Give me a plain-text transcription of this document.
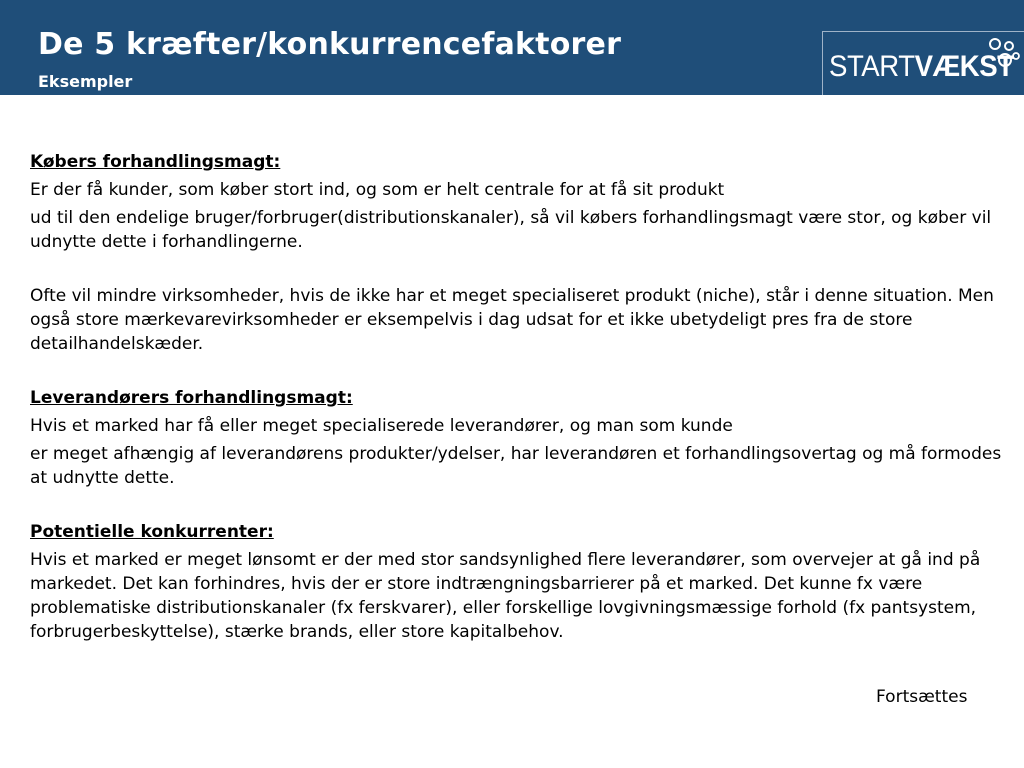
De 5 kræfter/konkurrencefaktorer
Eksempler	STARTVÆKST

Købers forhandlingsmagt:

Er der få kunder, som køber stort ind, og som er helt centrale for at få sit produkt

ud til den endelige bruger/forbruger(distributionskanaler), så vil købers forhandlingsmagt være stor, og køber vil udnytte dette i forhandlingerne.

Ofte vil mindre virksomheder, hvis de ikke har et meget specialiseret produkt (niche), står i denne situation. Men også store mærkevarevirksomheder er eksempelvis i dag udsat for et ikke ubetydeligt pres fra de store detailhandelskæder.

Leverandørers forhandlingsmagt:

Hvis et marked har få eller meget specialiserede leverandører, og man som kunde

er meget afhængig af leverandørens produkter/ydelser, har leverandøren et forhandlingsovertag og må formodes at udnytte dette.

Potentielle konkurrenter:

Hvis et marked er meget lønsomt er der med stor sandsynlighed flere leverandører, som overvejer at gå ind på markedet. Det kan forhindres, hvis der er store indtrængningsbarrierer på et marked. Det kunne fx være problematiske distributionskanaler (fx ferskvarer), eller forskellige lovgivningsmæssige forhold (fx pantsystem, forbrugerbeskyttelse), stærke brands, eller store kapitalbehov.

Fortsættes
